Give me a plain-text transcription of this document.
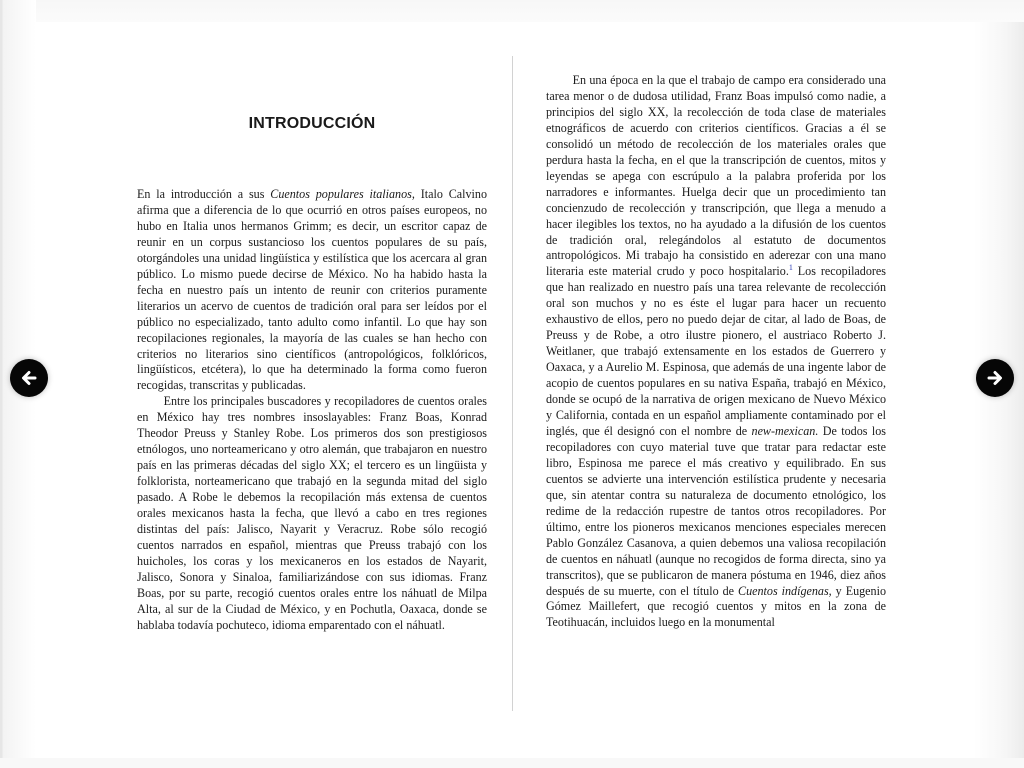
INTRODUCCIÓN

En la introducción a sus Cuentos populares italianos, Italo Calvino afirma que a diferencia de lo que ocurrió en otros países europeos, no hubo en Italia unos hermanos Grimm; es decir, un escritor capaz de reunir en un corpus sustancioso los cuentos populares de su país, otorgándoles una unidad lingüística y estilística que los acercara al gran público. Lo mismo puede decirse de México. No ha habido hasta la fecha en nuestro país un intento de reunir con criterios puramente literarios un acervo de cuentos de tradición oral para ser leídos por el público no especializado, tanto adulto como infantil. Lo que hay son recopilaciones regionales, la mayoría de las cuales se han hecho con criterios no literarios sino científicos (antropológicos, folklóricos, lingüísticos, etcétera), lo que ha determinado la forma como fueron recogidas, transcritas y publicadas.

Entre los principales buscadores y recopiladores de cuentos orales en México hay tres nombres insoslayables: Franz Boas, Konrad Theodor Preuss y Stanley Robe. Los primeros dos son prestigiosos etnólogos, uno norteamericano y otro alemán, que trabajaron en nuestro país en las primeras décadas del siglo XX; el tercero es un lingüista y folklorista, norteamericano que trabajó en la segunda mitad del siglo pasado. A Robe le debemos la recopilación más extensa de cuentos orales mexicanos hasta la fecha, que llevó a cabo en tres regiones distintas del país: Jalisco, Nayarit y Veracruz. Robe sólo recogió cuentos narrados en español, mientras que Preuss trabajó con los huicholes, los coras y los mexicaneros en los estados de Nayarit, Jalisco, Sonora y Sinaloa, familiarizándose con sus idiomas. Franz Boas, por su parte, recogió cuentos orales entre los náhuatl de Milpa Alta, al sur de la Ciudad de México, y en Pochutla, Oaxaca, donde se hablaba todavía pochuteco, idioma emparentado con el náhuatl.

En una época en la que el trabajo de campo era considerado una tarea menor o de dudosa utilidad, Franz Boas impulsó como nadie, a principios del siglo XX, la recolección de toda clase de materiales etnográficos de acuerdo con criterios científicos. Gracias a él se consolidó un método de recolección de los materiales orales que perdura hasta la fecha, en el que la transcripción de cuentos, mitos y leyendas se apega con escrúpulo a la palabra proferida por los narradores e informantes. Huelga decir que un procedimiento tan concienzudo de recolección y transcripción, que llega a menudo a hacer ilegibles los textos, no ha ayudado a la difusión de los cuentos de tradición oral, relegándolos al estatuto de documentos antropológicos. Mi trabajo ha consistido en aderezar con una mano literaria este material crudo y poco hospitalario.$^1$ Los recopiladores que han realizado en nuestro país una tarea relevante de recolección oral son muchos y no es éste el lugar para hacer un recuento exhaustivo de ellos, pero no puedo dejar de citar, al lado de Boas, de Preuss y de Robe, a otro ilustre pionero, el austriaco Roberto J. Weitlaner, que trabajó extensamente en los estados de Guerrero y Oaxaca, y a Aurelio M. Espinosa, que además de una ingente labor de acopio de cuentos populares en su nativa España, trabajó en México, donde se ocupó de la narrativa de origen mexicano de Nuevo México y California, contada en un español ampliamente contaminado por el inglés, que él designó con el nombre de new-mexican. De todos los recopiladores con cuyo material tuve que tratar para redactar este libro, Espinosa me parece el más creativo y equilibrado. En sus cuentos se advierte una intervención estilística prudente y necesaria que, sin atentar contra su naturaleza de documento etnológico, los redime de la redacción rupestre de tantos otros recopiladores. Por último, entre los pioneros mexicanos menciones especiales merecen Pablo González Casanova, a quien debemos una valiosa recopilación de cuentos en náhuatl (aunque no recogidos de forma directa, sino ya transcritos), que se publicaron de manera póstuma en 1946, diez años después de su muerte, con el título de Cuentos indígenas, y Eugenio Gómez Maillefert, que recogió cuentos y mitos en la zona de Teotihuacán, incluidos luego en la monumental
